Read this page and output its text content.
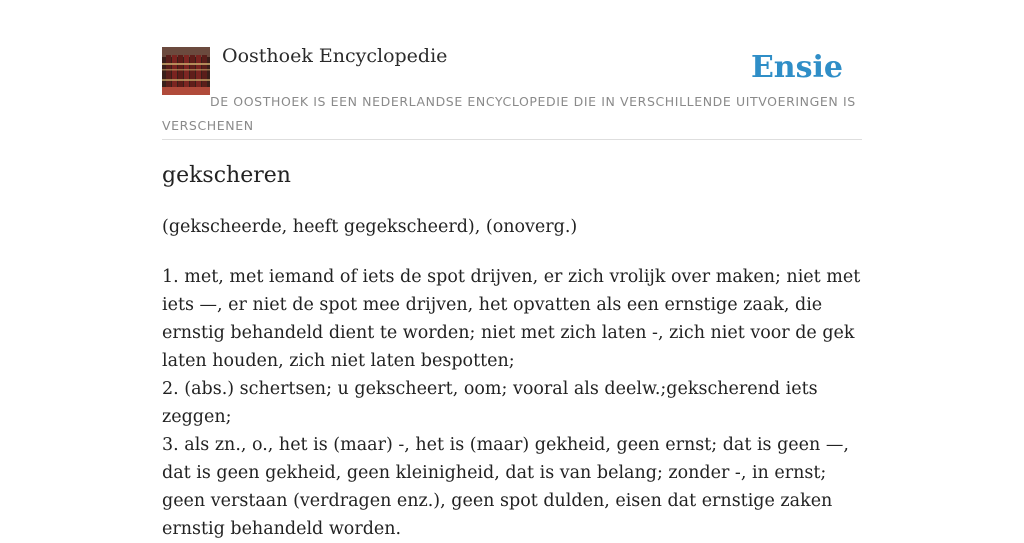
Oosthoek Encyclopedie	Ensie
DE OOSTHOEK IS EEN NEDERLANDSE ENCYCLOPEDIE DIE IN VERSCHILLENDE UITVOERINGEN IS VERSCHENEN
gekscheren
(gekscheerde, heeft gegekscheerd), (onoverg.)

1. met, met iemand of iets de spot drijven, er zich vrolijk over maken; niet met iets —, er niet de spot mee drijven, het opvatten als een ernstige zaak, die ernstig behandeld dient te worden; niet met zich laten -, zich niet voor de gek laten houden, zich niet laten bespotten;

2. (abs.) schertsen; u gekscheert, oom; vooral als deelw.;gekscherend iets zeggen;

3. als zn., o., het is (maar) -, het is (maar) gekheid, geen ernst; dat is geen —, dat is geen gekheid, geen kleinigheid, dat is van belang; zonder -, in ernst; geen verstaan (verdragen enz.), geen spot dulden, eisen dat ernstige zaken ernstig behandeld worden.
